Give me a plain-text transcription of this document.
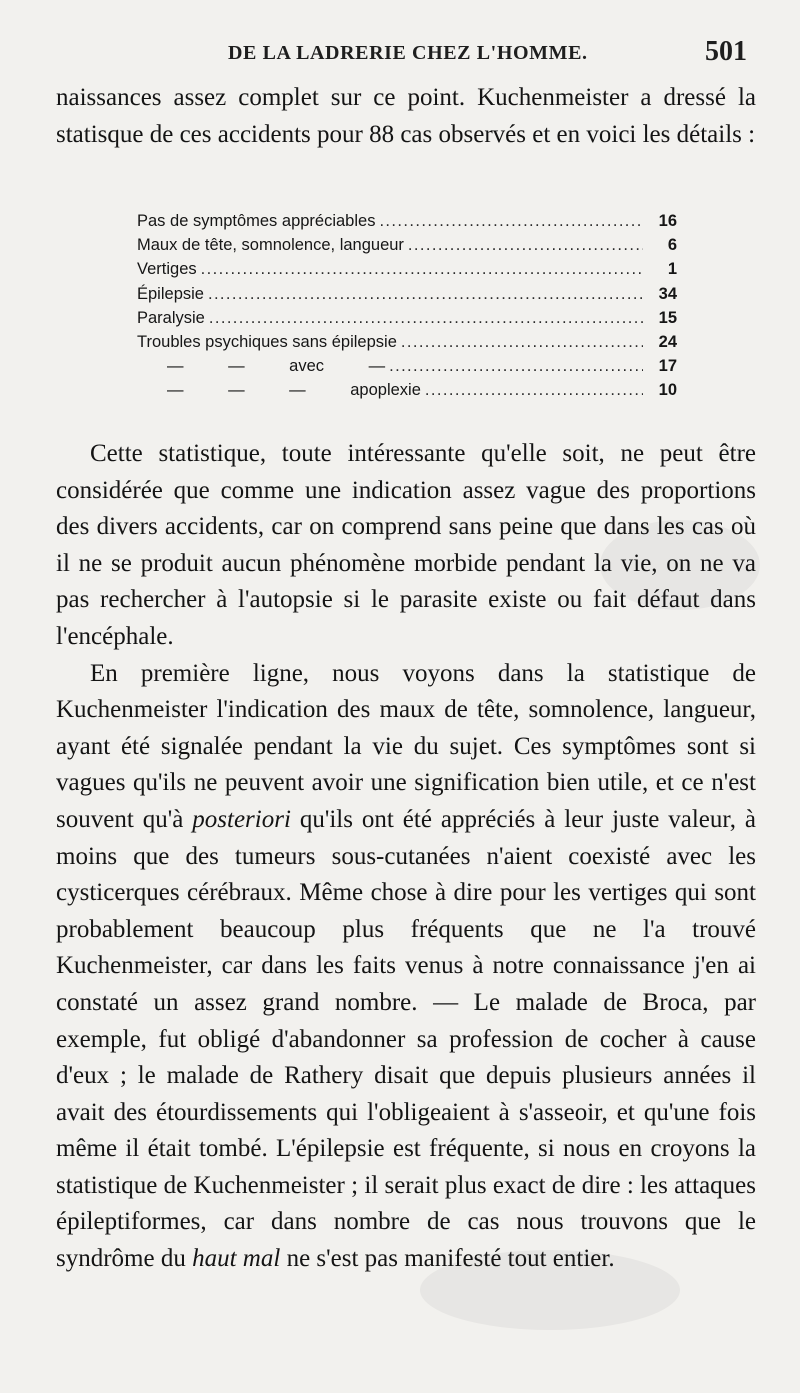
DE LA LADRERIE CHEZ L'HOMME.	501

naissances assez complet sur ce point. Kuchenmeister a dressé la statisque de ces accidents pour 88 cas observés et en voici les détails :

Pas de symptômes appréciables .....	16
Maux de tête, somnolence, langueur .....	6
Vertiges .....	1
Épilepsie .....	34
Paralysie .....	15
Troubles psychiques sans épilepsie .....	24
— — avec — .....	17
— — — apoplexie .....	10

Cette statistique, toute intéressante qu'elle soit, ne peut être considérée que comme une indication assez vague des proportions des divers accidents, car on comprend sans peine que dans les cas où il ne se produit aucun phénomène morbide pendant la vie, on ne va pas rechercher à l'autopsie si le parasite existe ou fait défaut dans l'encéphale.

En première ligne, nous voyons dans la statistique de Kuchenmeister l'indication des maux de tête, somnolence, langueur, ayant été signalée pendant la vie du sujet. Ces symptômes sont si vagues qu'ils ne peuvent avoir une signification bien utile, et ce n'est souvent qu'à posteriori qu'ils ont été appréciés à leur juste valeur, à moins que des tumeurs sous-cutanées n'aient coexisté avec les cysticerques cérébraux. Même chose à dire pour les vertiges qui sont probablement beaucoup plus fréquents que ne l'a trouvé Kuchenmeister, car dans les faits venus à notre connaissance j'en ai constaté un assez grand nombre. — Le malade de Broca, par exemple, fut obligé d'abandonner sa profession de cocher à cause d'eux ; le malade de Rathery disait que depuis plusieurs années il avait des étourdissements qui l'obligeaient à s'asseoir, et qu'une fois même il était tombé. L'épilepsie est fréquente, si nous en croyons la statistique de Kuchenmeister ; il serait plus exact de dire : les attaques épileptiformes, car dans nombre de cas nous trouvons que le syndrôme du haut mal ne s'est pas manifesté tout entier.
